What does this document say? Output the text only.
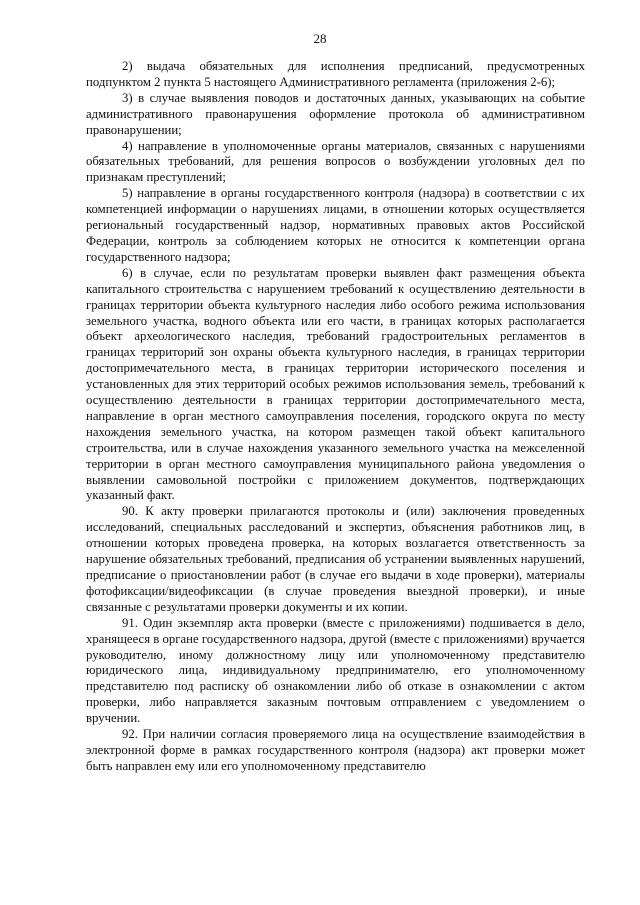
28

2) выдача обязательных для исполнения предписаний, предусмотренных подпунктом 2 пункта 5 настоящего Административного регламента (приложения 2-6);

3) в случае выявления поводов и достаточных данных, указывающих на событие административного правонарушения оформление протокола об административном правонарушении;

4) направление в уполномоченные органы материалов, связанных с нарушениями обязательных требований, для решения вопросов о возбуждении уголовных дел по признакам преступлений;

5) направление в органы государственного контроля (надзора) в соответствии с их компетенцией информации о нарушениях лицами, в отношении которых осуществляется региональный государственный надзор, нормативных правовых актов Российской Федерации, контроль за соблюдением которых не относится к компетенции органа государственного надзора;

6) в случае, если по результатам проверки выявлен факт размещения объекта капитального строительства с нарушением требований к осуществлению деятельности в границах территории объекта культурного наследия либо особого режима использования земельного участка, водного объекта или его части, в границах которых располагается объект археологического наследия, требований градостроительных регламентов в границах территорий зон охраны объекта культурного наследия, в границах территории достопримечательного места, в границах территории исторического поселения и установленных для этих территорий особых режимов использования земель, требований к осуществлению деятельности в границах территории достопримечательного места, направление в орган местного самоуправления поселения, городского округа по месту нахождения земельного участка, на котором размещен такой объект капитального строительства, или в случае нахождения указанного земельного участка на межселенной территории в орган местного самоуправления муниципального района уведомления о выявлении самовольной постройки с приложением документов, подтверждающих указанный факт.

90. К акту проверки прилагаются протоколы и (или) заключения проведенных исследований, специальных расследований и экспертиз, объяснения работников лиц, в отношении которых проведена проверка, на которых возлагается ответственность за нарушение обязательных требований, предписания об устранении выявленных нарушений, предписание о приостановлении работ (в случае его выдачи в ходе проверки), материалы фотофиксации/видеофиксации (в случае проведения выездной проверки), и иные связанные с результатами проверки документы и их копии.

91. Один экземпляр акта проверки (вместе с приложениями) подшивается в дело, хранящееся в органе государственного надзора, другой (вместе с приложениями) вручается руководителю, иному должностному лицу или уполномоченному представителю юридического лица, индивидуальному предпринимателю, его уполномоченному представителю под расписку об ознакомлении либо об отказе в ознакомлении с актом проверки, либо направляется заказным почтовым отправлением с уведомлением о вручении.

92. При наличии согласия проверяемого лица на осуществление взаимодействия в электронной форме в рамках государственного контроля (надзора) акт проверки может быть направлен ему или его уполномоченному представителю
